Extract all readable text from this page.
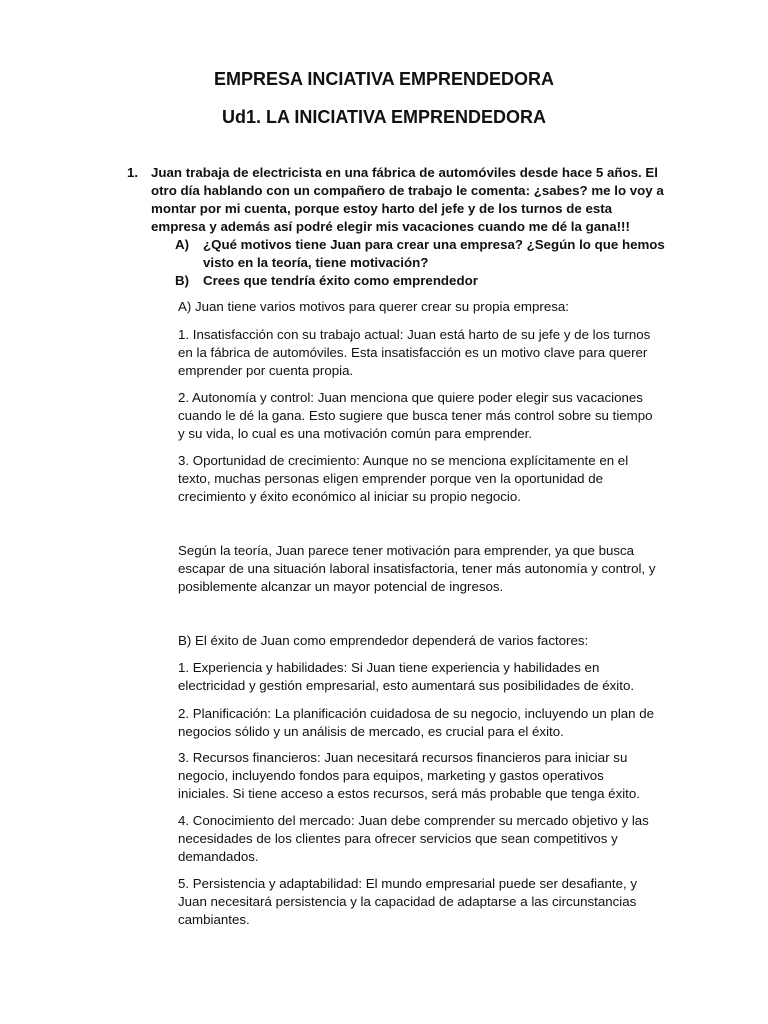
EMPRESA INCIATIVA EMPRENDEDORA
Ud1. LA INICIATIVA EMPRENDEDORA
1. Juan trabaja de electricista en una fábrica de automóviles desde hace 5 años. El otro día hablando con un compañero de trabajo le comenta: ¿sabes? me lo voy a montar por mi cuenta, porque estoy harto del jefe y de los turnos de esta empresa y además así podré elegir mis vacaciones cuando me dé la gana!!!
A) ¿Qué motivos tiene Juan para crear una empresa? ¿Según lo que hemos visto en la teoría, tiene motivación?
B) Crees que tendría éxito como emprendedor

A) Juan tiene varios motivos para querer crear su propia empresa:

1. Insatisfacción con su trabajo actual: Juan está harto de su jefe y de los turnos en la fábrica de automóviles. Esta insatisfacción es un motivo clave para querer emprender por cuenta propia.

2. Autonomía y control: Juan menciona que quiere poder elegir sus vacaciones cuando le dé la gana. Esto sugiere que busca tener más control sobre su tiempo y su vida, lo cual es una motivación común para emprender.

3. Oportunidad de crecimiento: Aunque no se menciona explícitamente en el texto, muchas personas eligen emprender porque ven la oportunidad de crecimiento y éxito económico al iniciar su propio negocio.

Según la teoría, Juan parece tener motivación para emprender, ya que busca escapar de una situación laboral insatisfactoria, tener más autonomía y control, y posiblemente alcanzar un mayor potencial de ingresos.

B) El éxito de Juan como emprendedor dependerá de varios factores:

1. Experiencia y habilidades: Si Juan tiene experiencia y habilidades en electricidad y gestión empresarial, esto aumentará sus posibilidades de éxito.

2. Planificación: La planificación cuidadosa de su negocio, incluyendo un plan de negocios sólido y un análisis de mercado, es crucial para el éxito.

3. Recursos financieros: Juan necesitará recursos financieros para iniciar su negocio, incluyendo fondos para equipos, marketing y gastos operativos iniciales. Si tiene acceso a estos recursos, será más probable que tenga éxito.

4. Conocimiento del mercado: Juan debe comprender su mercado objetivo y las necesidades de los clientes para ofrecer servicios que sean competitivos y demandados.

5. Persistencia y adaptabilidad: El mundo empresarial puede ser desafiante, y Juan necesitará persistencia y la capacidad de adaptarse a las circunstancias cambiantes.
